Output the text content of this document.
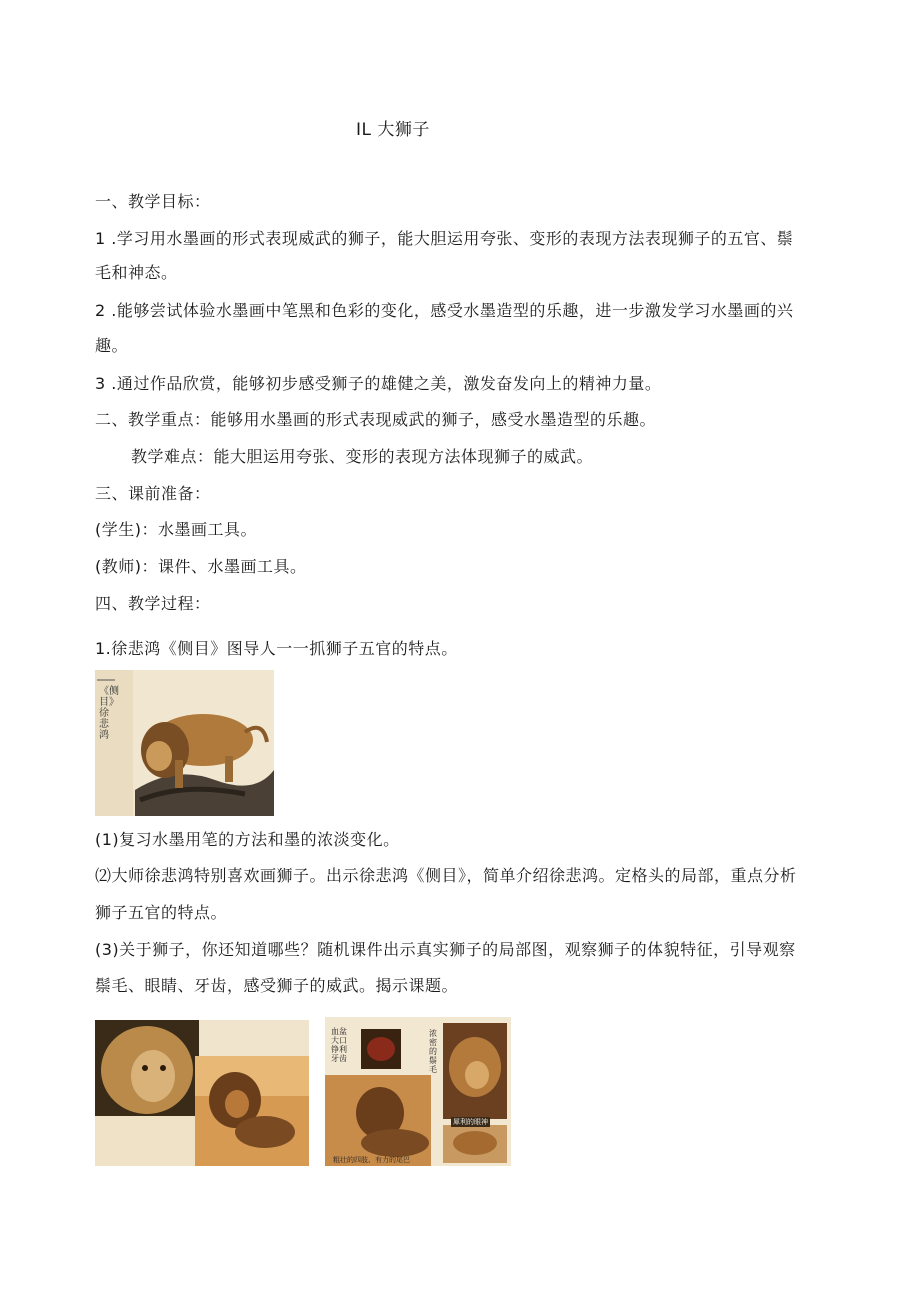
IL 大狮子
一、教学目标：
1 .学习用水墨画的形式表现威武的狮子，能大胆运用夸张、变形的表现方法表现狮子的五官、鬃
毛和神态。
2 .能够尝试体验水墨画中笔黑和色彩的变化，感受水墨造型的乐趣，进一步激发学习水墨画的兴
趣。
3 .通过作品欣赏，能够初步感受狮子的雄健之美，激发奋发向上的精神力量。
二、教学重点：能够用水墨画的形式表现威武的狮子，感受水墨造型的乐趣。
教学难点：能大胆运用夸张、变形的表现方法体现狮子的威武。
三、课前准备：
(学生)：水墨画工具。
(教师)：课件、水墨画工具。
四、教学过程：
1.徐悲鸿《侧目》图导人一一抓狮子五官的特点。
《侧目》徐悲鸿
(1)复习水墨用笔的方法和墨的浓淡变化。
⑵大师徐悲鸿特别喜欢画狮子。出示徐悲鸿《侧目》，简单介绍徐悲鸿。定格头的局部，重点分析
狮子五官的特点。
(3)关于狮子，你还知道哪些？随机课件出示真实狮子的局部图，观察狮子的体貌特征，引导观察
鬃毛、眼睛、牙齿，感受狮子的威武。揭示课题。
血盆大口铮利牙齿
浓密的鬃毛
犀利的眼神
粗壮的四肢、有力的尾巴
